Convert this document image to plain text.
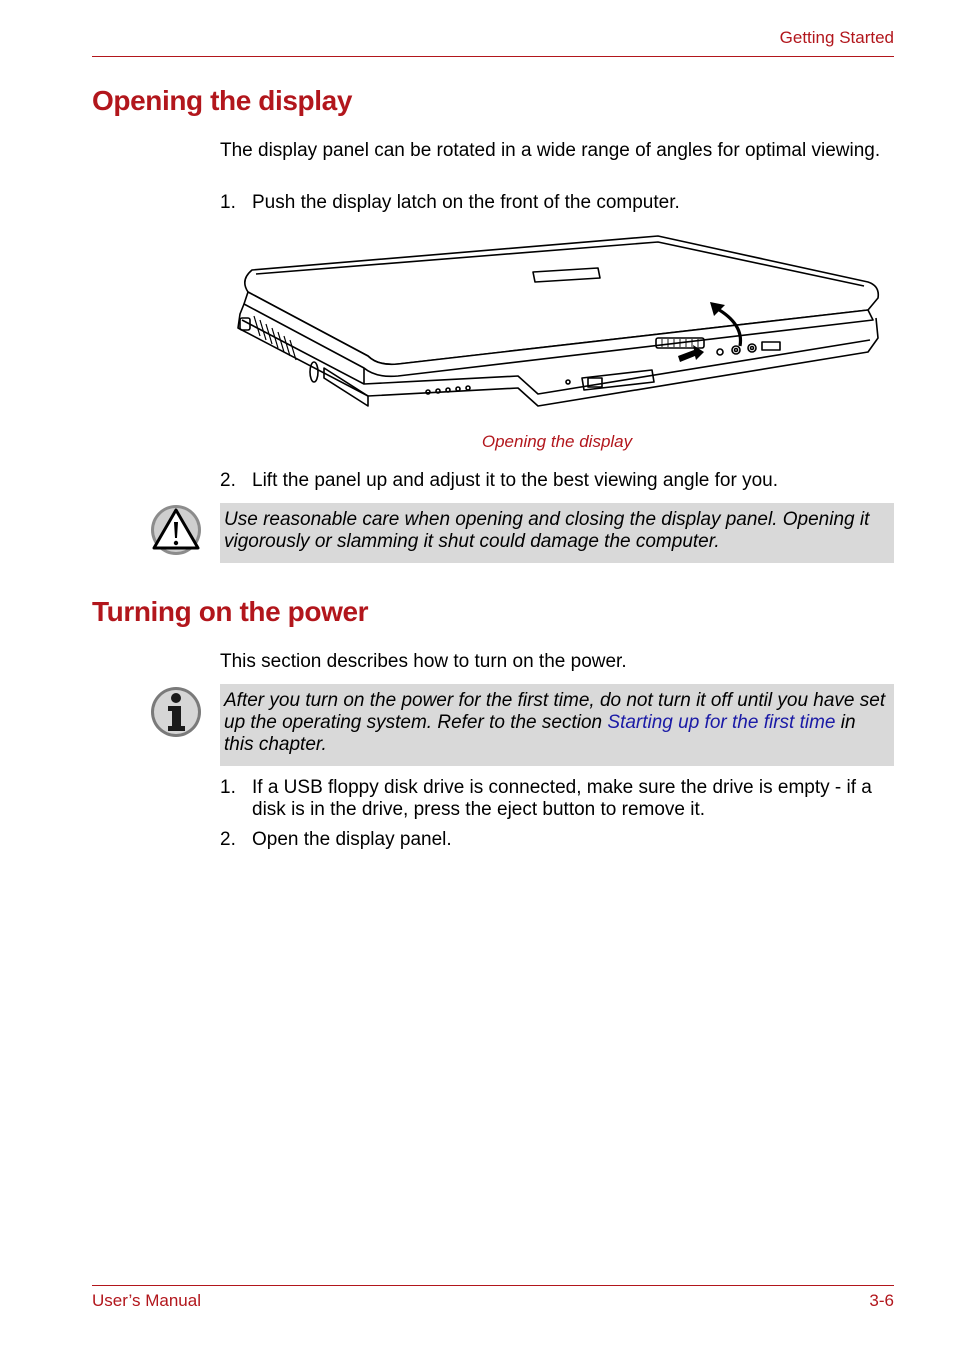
Getting Started
Opening the display
The display panel can be rotated in a wide range of angles for optimal viewing.
1. Push the display latch on the front of the computer.
Opening the display
2. Lift the panel up and adjust it to the best viewing angle for you.
Use reasonable care when opening and closing the display panel. Opening it vigorously or slamming it shut could damage the computer.
Turning on the power
This section describes how to turn on the power.
After you turn on the power for the first time, do not turn it off until you have set up the operating system. Refer to the section Starting up for the first time in this chapter.
1. If a USB floppy disk drive is connected, make sure the drive is empty - if a disk is in the drive, press the eject button to remove it.
2. Open the display panel.
User’s Manual	3-6
